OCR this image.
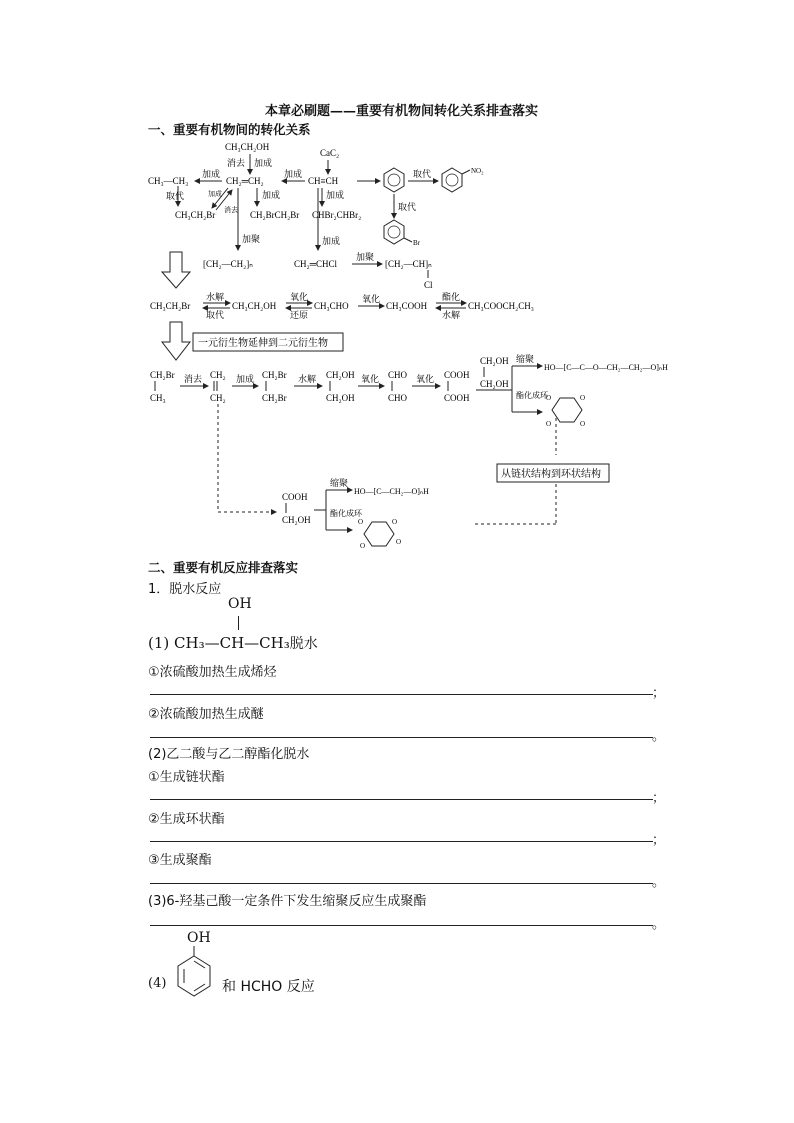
本章必刷题——重要有机物间转化关系排查落实
一、重要有机物间的转化关系
CH₃CH₂OH
消去 加成
CH₃—CH₃
加成
CH₂═CH₂
加成
CH≡CH
CaC₂
取代	NO₂
取代
Br
取代
CH₃CH₂Br
加成
消去
加成
CH₂BrCH₂Br
加成
CHBr₂CHBr₂
加聚
[CH₂—CH₂]ₙ
加成
CH₂═CHCl
加聚
[CH₂—CH]ₙ
Cl
CH₃CH₂Br
水解
取代
CH₃CH₂OH
氧化
还原
CH₃CHO
氧化
CH₃COOH
酯化
水解
CH₃COOCH₂CH₃
一元衍生物延伸到二元衍生物
CH₂Br
CH₃
消去 CH₂
CH₂
加成 CH₂Br
CH₂Br
水解 CH₂OH
CH₂OH
氧化 CHO
CHO
氧化 COOH
COOH
CH₂OH
CH₂OH
缩聚
HO—[C—C—O—CH₂—CH₂—O]ₙH
酯化成环
O	O
O
O
从链状结构到环状结构
COOH
CH₂OH
缩聚
HO—[C—CH₂—O]ₙH
酯化成环
O	O
O
O
二、重要有机反应排查落实
1．脱水反应
OH
(1) CH₃—CH—CH₃脱水
①浓硫酸加热生成烯烃
；
②浓硫酸加热生成醚
。
(2)乙二酸与乙二醇酯化脱水
①生成链状酯
；
②生成环状酯
；
③生成聚酯
。
(3)6-羟基己酸一定条件下发生缩聚反应生成聚酯
。
OH
(4)	和 HCHO 反应
